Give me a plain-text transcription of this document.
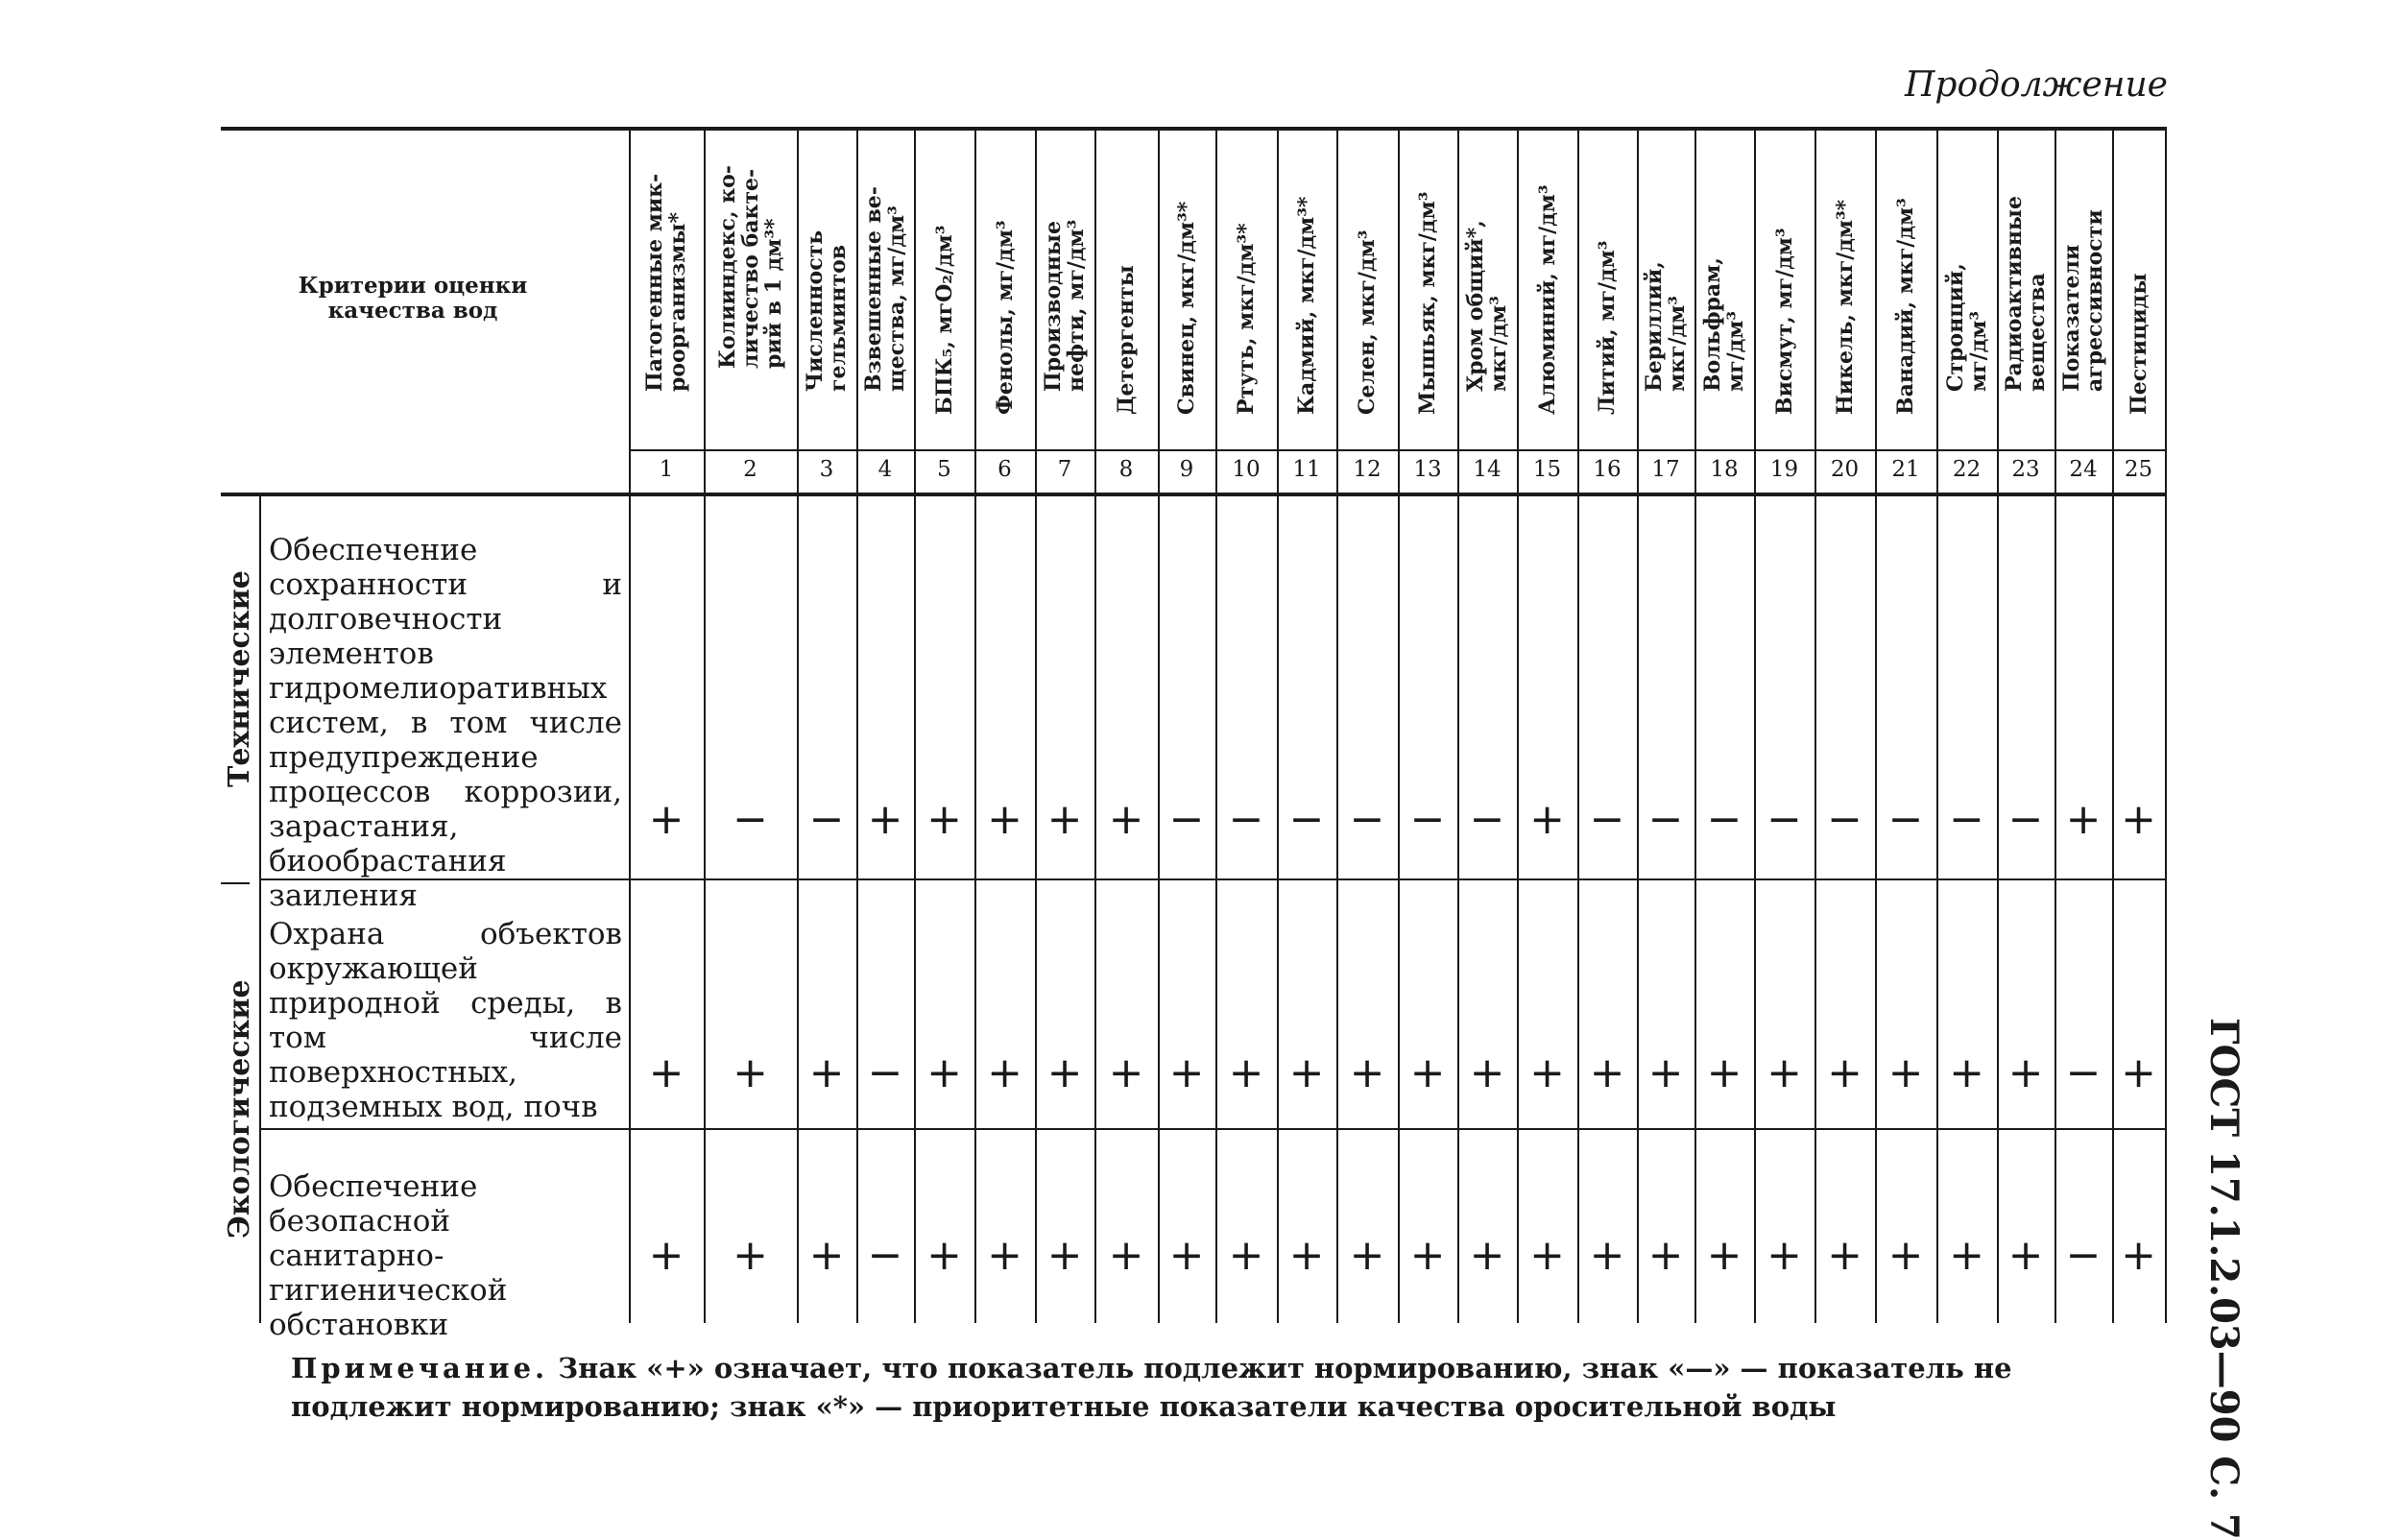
Продолжение
Патогенные мик-
роорганизмы*
1
Колииндекс, ко-
личество бакте-
рий в 1 дм³*
2
Численность
гельминтов
3
Взвешенные ве-
щества, мг/дм³
4
БПК₅, мгО₂/дм³
5
Фенолы, мг/дм³
6
Производные
нефти, мг/дм³
7
Детергенты
8
Свинец, мкг/дм³*
9
Ртуть, мкг/дм³*
10
Кадмий, мкг/дм³*
11
Селен, мкг/дм³
12
Мышьяк, мкг/дм³
13
Хром общий*,
мкг/дм³
14
Алюминий, мг/дм³
15
Литий, мг/дм³
16
Бериллий,
мкг/дм³
17
Вольфрам,
мг/дм³
18
Висмут, мг/дм³
19
Никель, мкг/дм³*
20
Ванадий, мкг/дм³
21
Стронций,
мг/дм³
22
Радиоактивные
вещества
23
Показатели
агрессивности
24
Пестициды
25
Технические
Экологические
Обеспечение сохранности и долговечности элементов гидромелиоративных систем, в том числе предупреждение процессов коррозии, зарастания, биообрастания заиления
+ − − + + + + + − − − − − − + − − − − − − − − + +
Охрана объектов окружающей природной среды, в том числе поверхностных, подземных вод, почв
+ + + − + + + + + + + + + + + + + + + + + + + − +
Обеспечение безопасной санитарно-гигиенической обстановки
+ + + − + + + + + + + + + + + + + + + + + + + − +
Критерии оценки качества вод
Примечание. Знак «+» означает, что показатель подлежит нормированию, знак «—» — показатель не подлежит нормированию; знак «*» — приоритетные показатели качества оросительной воды	ГОСТ 17.1.2.03—90 С. 7
